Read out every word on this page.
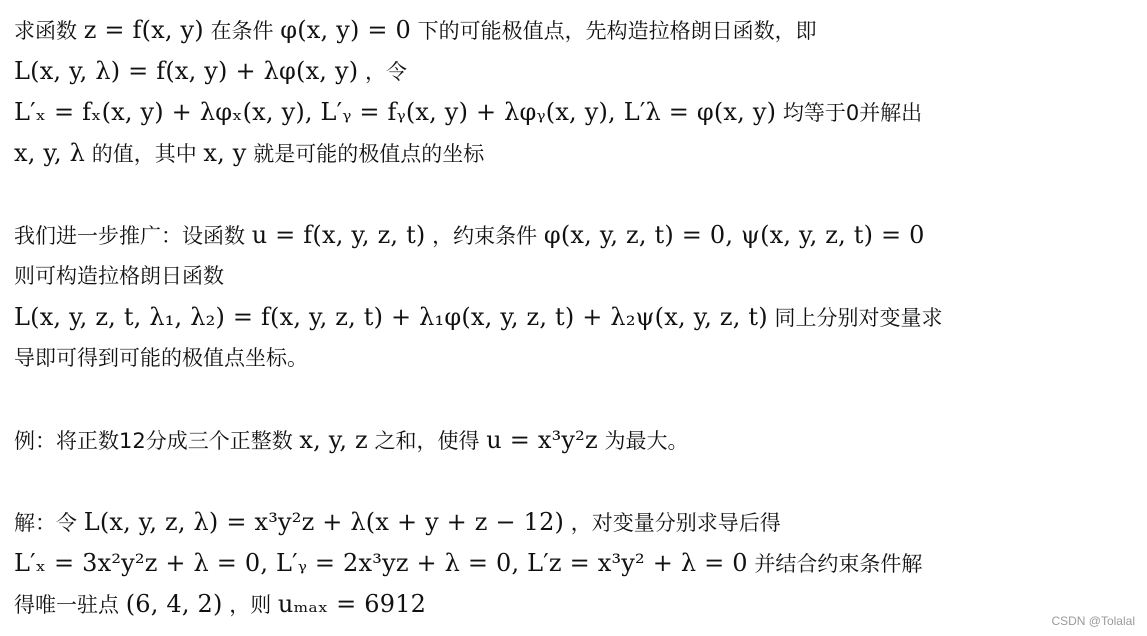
求函数 z = f(x, y) 在条件 φ(x, y) = 0 下的可能极值点，先构造拉格朗日函数，即
L(x, y, λ) = f(x, y) + λφ(x, y) ，令
L′ₓ = fₓ(x, y) + λφₓ(x, y), L′ᵧ = fᵧ(x, y) + λφᵧ(x, y), L′λ = φ(x, y) 均等于0并解出
x, y, λ 的值，其中 x, y 就是可能的极值点的坐标
我们进一步推广：设函数 u = f(x, y, z, t) ，约束条件 φ(x, y, z, t) = 0, ψ(x, y, z, t) = 0
则可构造拉格朗日函数
L(x, y, z, t, λ₁, λ₂) = f(x, y, z, t) + λ₁φ(x, y, z, t) + λ₂ψ(x, y, z, t) 同上分别对变量求
导即可得到可能的极值点坐标。
例：将正数12分成三个正整数 x, y, z 之和，使得 u = x³y²z 为最大。
解：令 L(x, y, z, λ) = x³y²z + λ(x + y + z − 12) ，对变量分别求导后得
L′ₓ = 3x²y²z + λ = 0, L′ᵧ = 2x³yz + λ = 0, L′z = x³y² + λ = 0 并结合约束条件解
得唯一驻点 (6, 4, 2) ，则 uₘₐₓ = 6912
CSDN @Tolalal
